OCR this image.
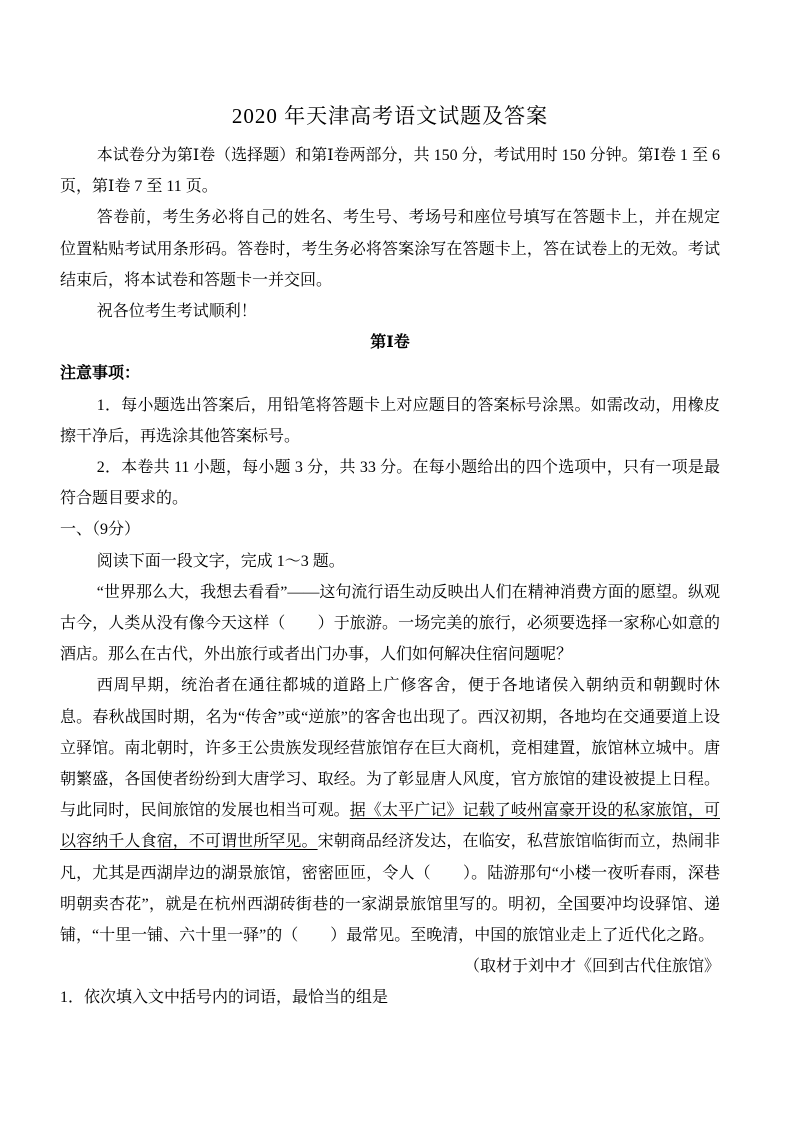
2020 年天津高考语文试题及答案

本试卷分为第Ⅰ卷（选择题）和第Ⅰ卷两部分，共 150 分，考试用时 150 分钟。第Ⅰ卷 1 至 6 页，第Ⅰ卷 7 至 11 页。

答卷前，考生务必将自己的姓名、考生号、考场号和座位号填写在答题卡上，并在规定位置粘贴考试用条形码。答卷时，考生务必将答案涂写在答题卡上，答在试卷上的无效。考试结束后，将本试卷和答题卡一并交回。

祝各位考生考试顺利！

第Ⅰ卷

注意事项：

1．每小题选出答案后，用铅笔将答题卡上对应题目的答案标号涂黑。如需改动，用橡皮擦干净后，再选涂其他答案标号。

2．本卷共 11 小题，每小题 3 分，共 33 分。在每小题给出的四个选项中，只有一项是最符合题目要求的。

一、（9分）

阅读下面一段文字，完成 1～3 题。

“世界那么大，我想去看看”——这句流行语生动反映出人们在精神消费方面的愿望。纵观古今，人类从没有像今天这样（　　）于旅游。一场完美的旅行，必须要选择一家称心如意的酒店。那么在古代，外出旅行或者出门办事，人们如何解决住宿问题呢？

西周早期，统治者在通往都城的道路上广修客舍，便于各地诸侯入朝纳贡和朝觐时休息。春秋战国时期，名为“传舍”或“逆旅”的客舍也出现了。西汉初期，各地均在交通要道上设立驿馆。南北朝时，许多王公贵族发现经营旅馆存在巨大商机，竞相建置，旅馆林立城中。唐朝繁盛，各国使者纷纷到大唐学习、取经。为了彰显唐人风度，官方旅馆的建设被提上日程。与此同时，民间旅馆的发展也相当可观。据《太平广记》记载了岐州富豪开设的私家旅馆，可以容纳千人食宿，不可谓世所罕见。宋朝商品经济发达，在临安，私营旅馆临街而立，热闹非凡，尤其是西湖岸边的湖景旅馆，密密匝匝，令人（　　）。陆游那句“小楼一夜听春雨，深巷明朝卖杏花”，就是在杭州西湖砖街巷的一家湖景旅馆里写的。明初，全国要冲均设驿馆、递铺，“十里一铺、六十里一驿”的（　　）最常见。至晚清，中国的旅馆业走上了近代化之路。

（取材于刘中才《回到古代住旅馆》

1．依次填入文中括号内的词语，最恰当的组是
